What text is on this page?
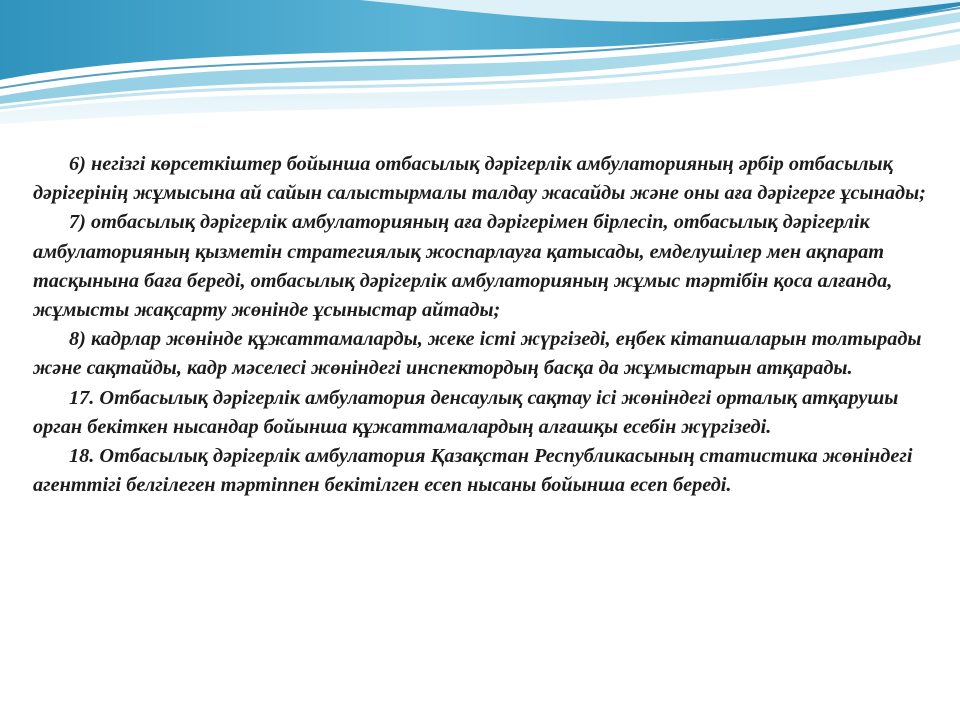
6) негізгі көрсеткіштер бойынша отбасылық дәрігерлік амбулаторияның әрбір отбасылық дәрігерінің жұмысына ай сайын салыстырмалы талдау жасайды және оны аға дәрігерге ұсынады;

7) отбасылық дәрігерлік амбулаторияның аға дәрігерімен бірлесіп, отбасылық дәрігерлік амбулаторияның қызметін стратегиялық жоспарлауға қатысады, емделушілер мен ақпарат тасқынына баға береді, отбасылық дәрігерлік амбулаторияның жұмыс тәртібін қоса алғанда, жұмысты жақсарту жөнінде ұсыныстар айтады;

8) кадрлар жөнінде құжаттамаларды, жеке істі жүргізеді, еңбек кітапшаларын толтырады және сақтайды, кадр мәселесі жөніндегі инспектордың басқа да жұмыстарын атқарады.

17. Отбасылық дәрігерлік амбулатория денсаулық сақтау ісі жөніндегі орталық атқарушы орган бекіткен нысандар бойынша құжаттамалардың алғашқы есебін жүргізеді.

18. Отбасылық дәрігерлік амбулатория Қазақстан Республикасының статистика жөніндегі агенттігі белгілеген тәртіппен бекітілген есеп нысаны бойынша есеп береді.
